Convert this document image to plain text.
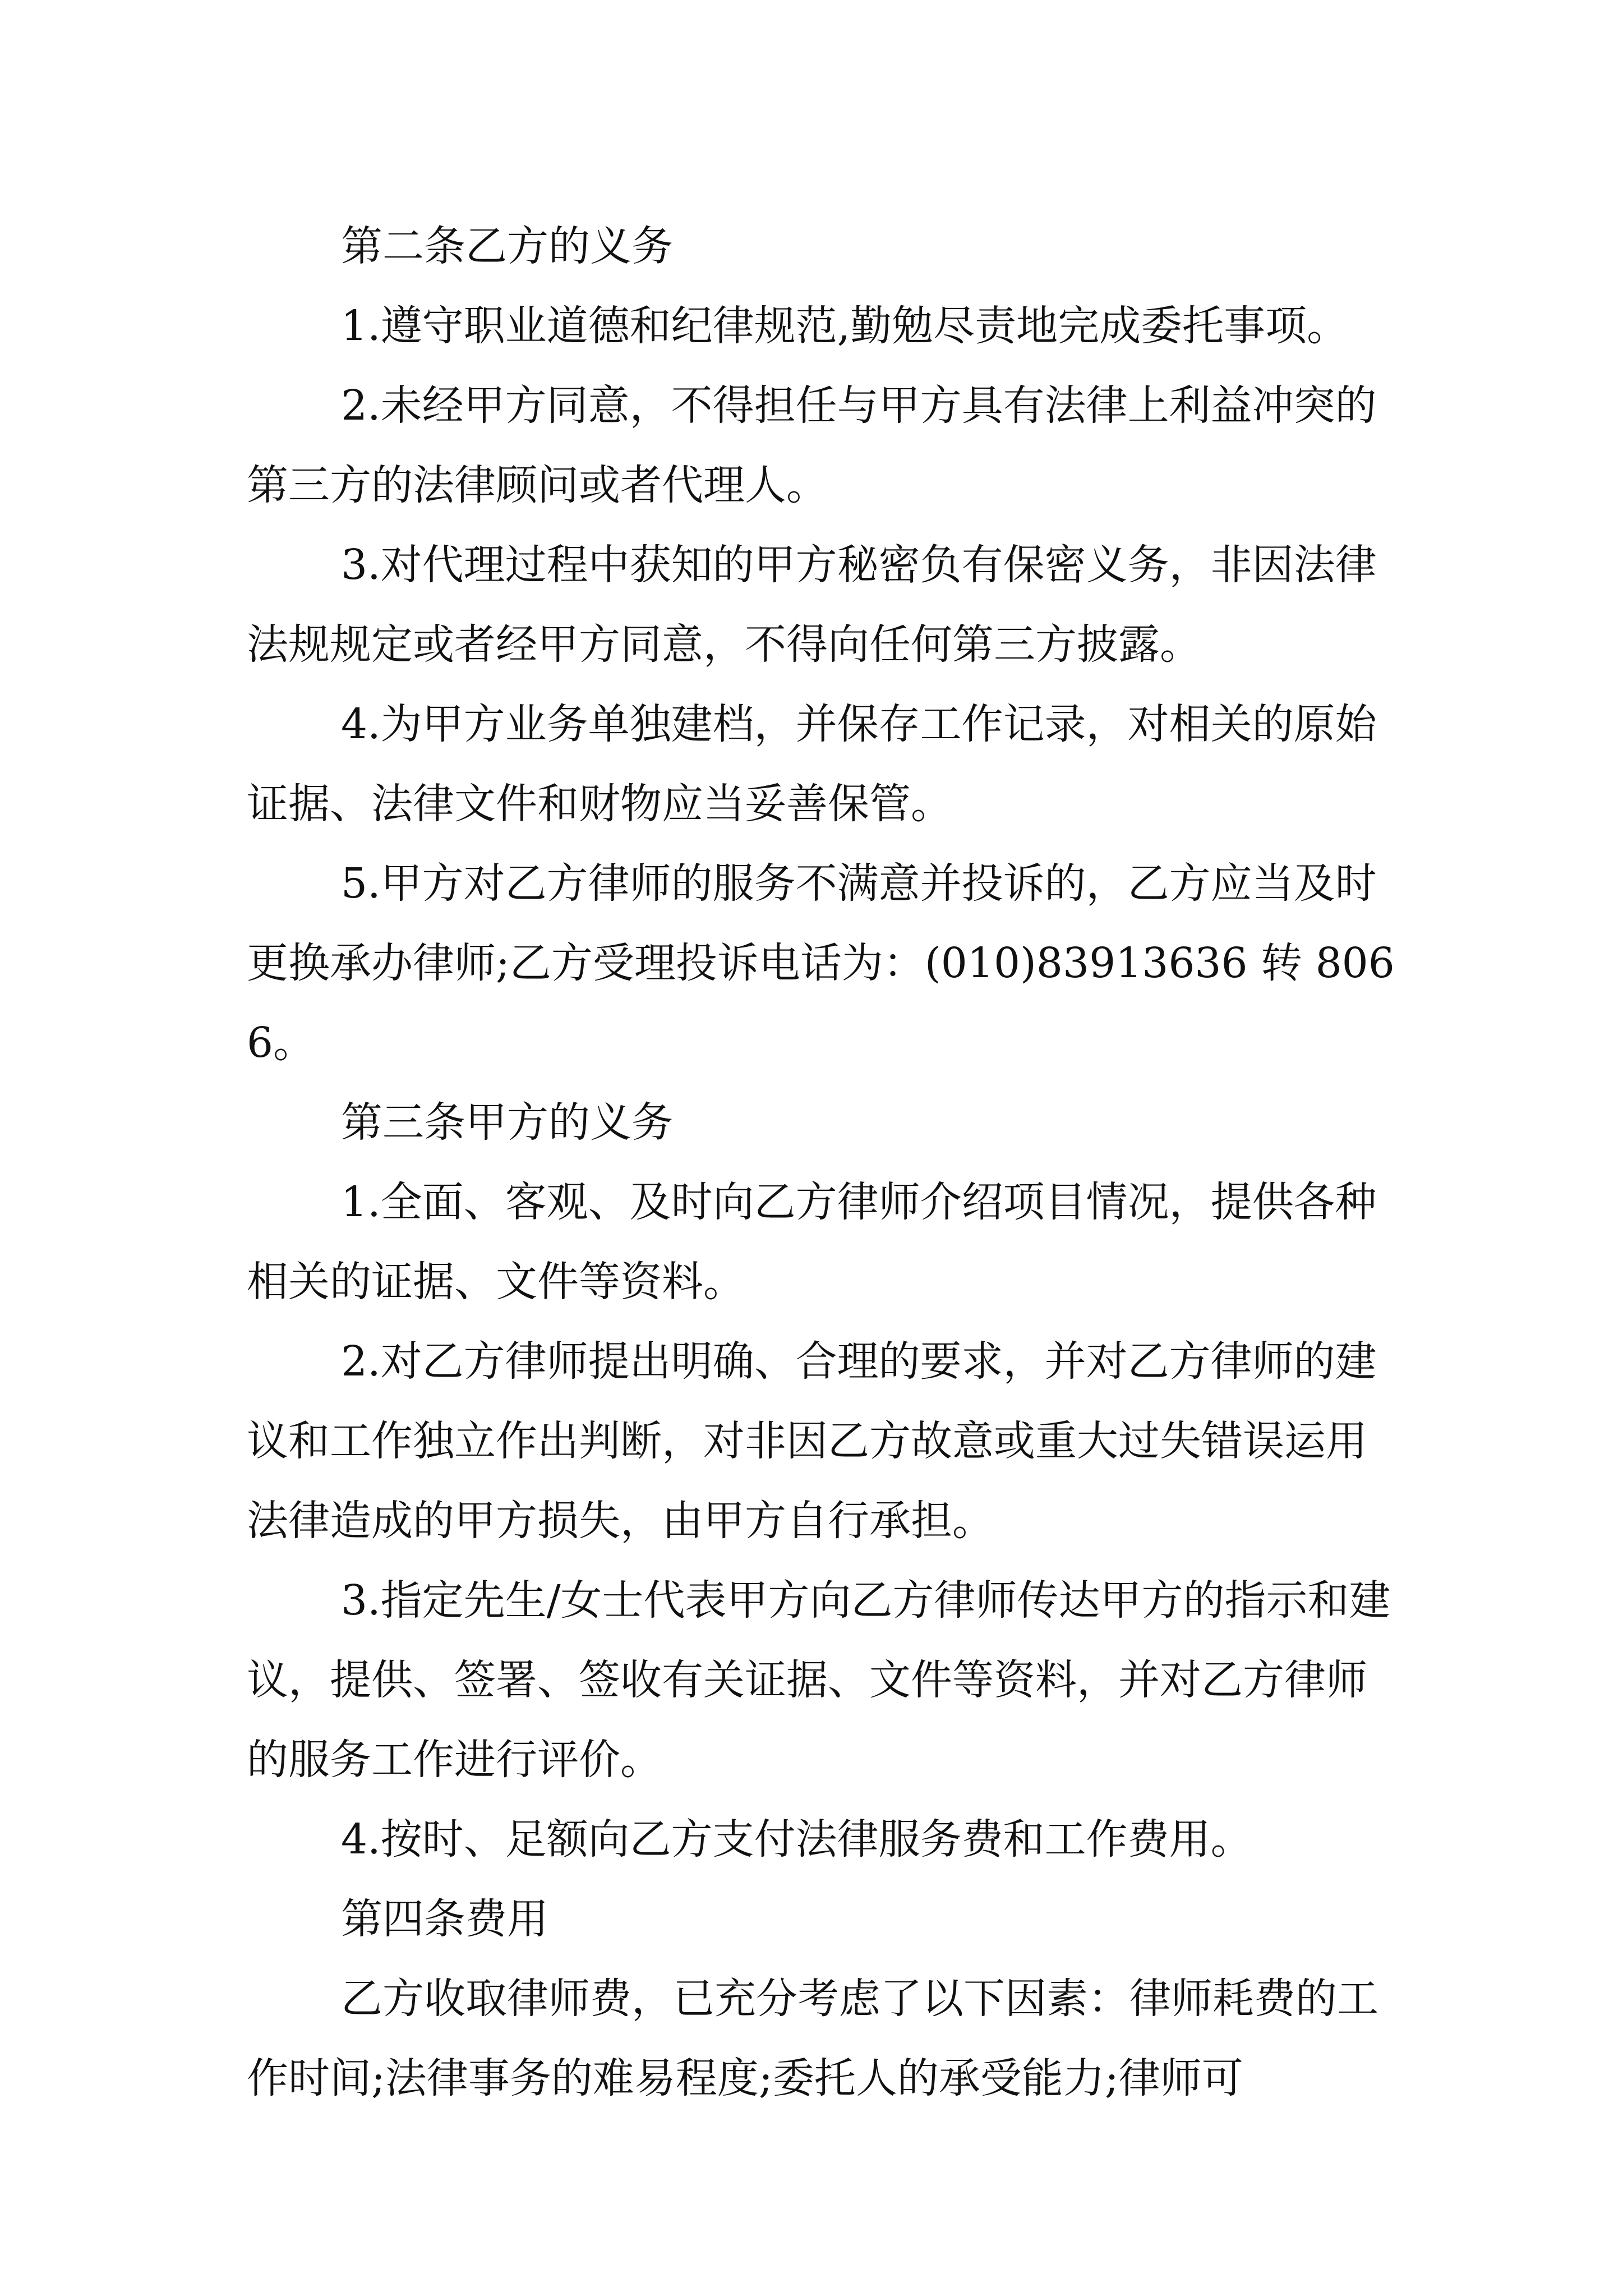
第二条乙方的义务

1.遵守职业道德和纪律规范,勤勉尽责地完成委托事项。

2.未经甲方同意，不得担任与甲方具有法律上利益冲突的第三方的法律顾问或者代理人。

3.对代理过程中获知的甲方秘密负有保密义务，非因法律法规规定或者经甲方同意，不得向任何第三方披露。

4.为甲方业务单独建档，并保存工作记录，对相关的原始证据、法律文件和财物应当妥善保管。

5.甲方对乙方律师的服务不满意并投诉的，乙方应当及时更换承办律师;乙方受理投诉电话为：(010)83913636 转 8066。

第三条甲方的义务

1.全面、客观、及时向乙方律师介绍项目情况，提供各种相关的证据、文件等资料。

2.对乙方律师提出明确、合理的要求，并对乙方律师的建议和工作独立作出判断，对非因乙方故意或重大过失错误运用法律造成的甲方损失，由甲方自行承担。

3.指定先生/女士代表甲方向乙方律师传达甲方的指示和建议，提供、签署、签收有关证据、文件等资料，并对乙方律师的服务工作进行评价。

4.按时、足额向乙方支付法律服务费和工作费用。

第四条费用

乙方收取律师费，已充分考虑了以下因素：律师耗费的工作时间;法律事务的难易程度;委托人的承受能力;律师可
